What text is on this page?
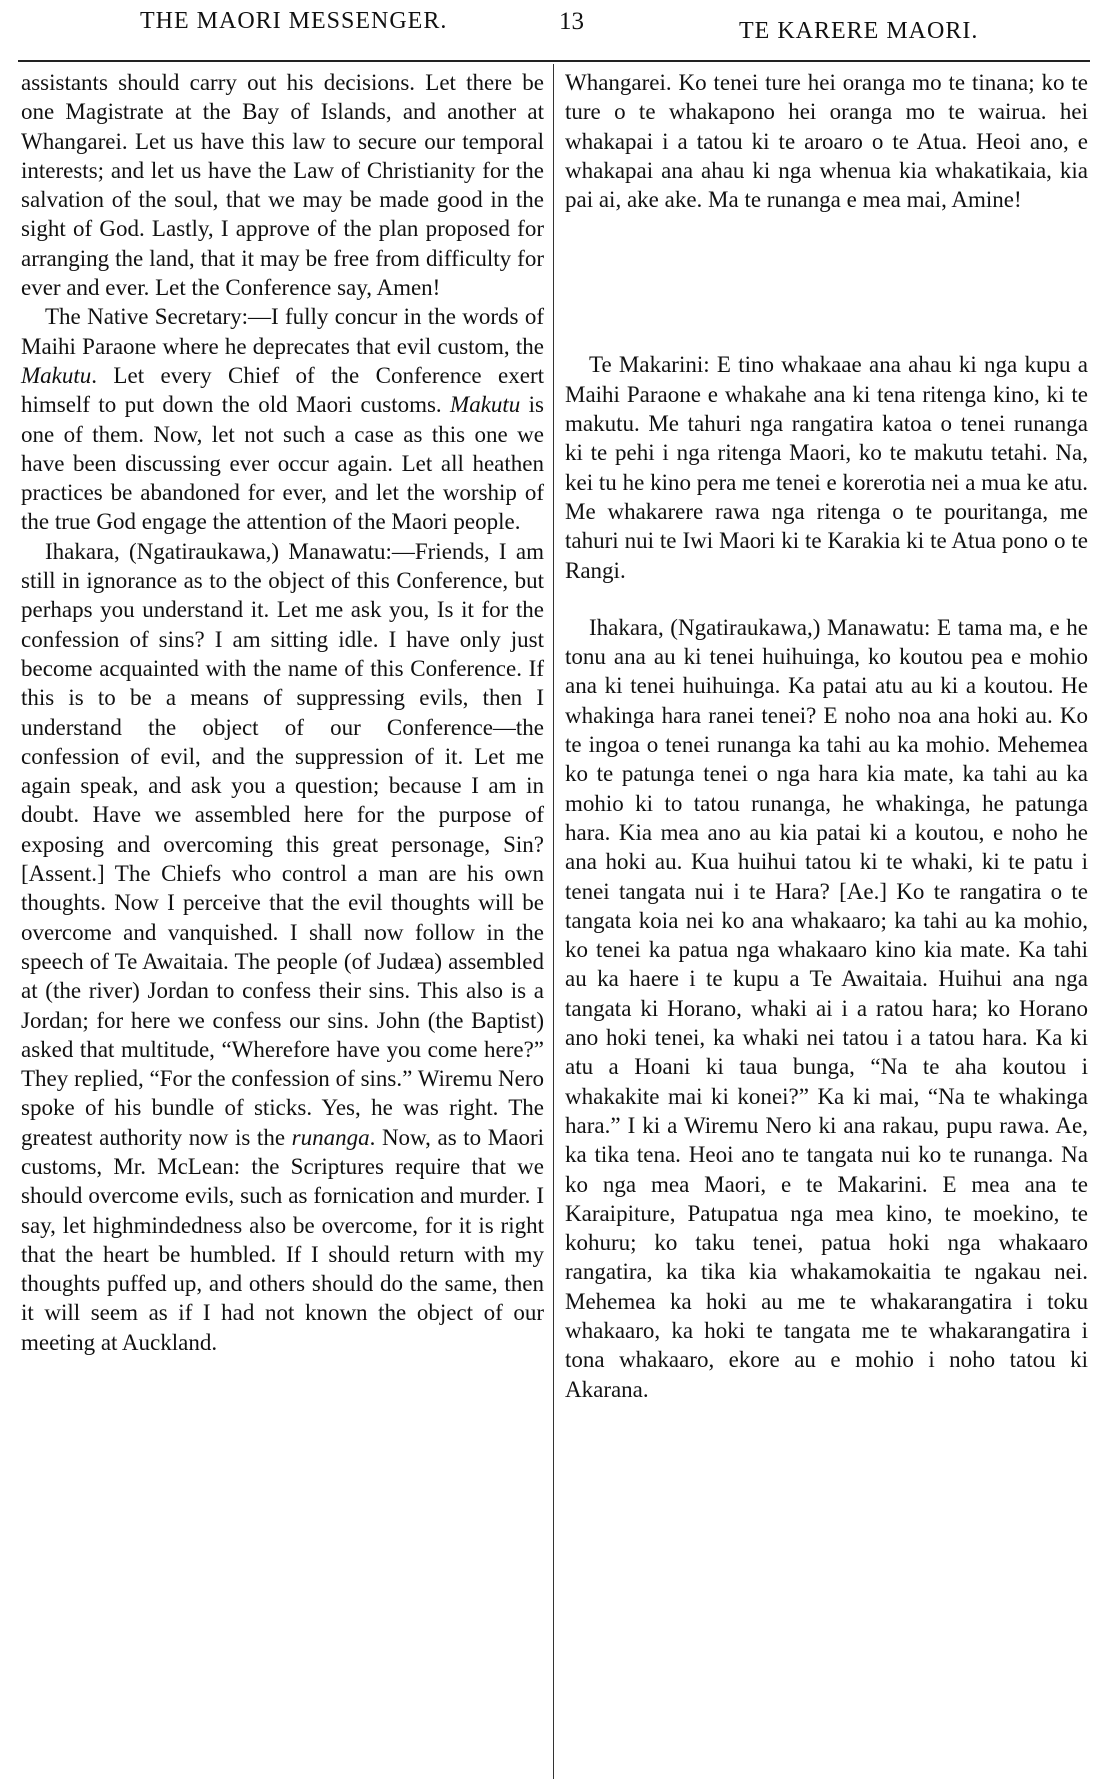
THE MAORI MESSENGER.	13	TE KARERE MAORI.

assistants should carry out his decisions. Let there be one Magistrate at the Bay of Islands, and another at Whangarei. Let us have this law to secure our temporal interests; and let us have the Law of Christianity for the salvation of the soul, that we may be made good in the sight of God. Lastly, I approve of the plan proposed for arranging the land, that it may be free from difficulty for ever and ever. Let the Conference say, Amen!

The Native Secretary:—I fully concur in the words of Maihi Paraone where he deprecates that evil custom, the Makutu. Let every Chief of the Conference exert himself to put down the old Maori customs. Makutu is one of them. Now, let not such a case as this one we have been discussing ever occur again. Let all heathen practices be abandoned for ever, and let the worship of the true God engage the attention of the Maori people.

Ihakara, (Ngatiraukawa,) Manawatu:—Friends, I am still in ignorance as to the object of this Conference, but perhaps you understand it. Let me ask you, Is it for the confession of sins? I am sitting idle. I have only just become acquainted with the name of this Conference. If this is to be a means of suppressing evils, then I understand the object of our Conference—the confession of evil, and the suppression of it. Let me again speak, and ask you a question; because I am in doubt. Have we assembled here for the purpose of exposing and overcoming this great personage, Sin? [Assent.] The Chiefs who control a man are his own thoughts. Now I perceive that the evil thoughts will be overcome and vanquished. I shall now follow in the speech of Te Awaitaia. The people (of Judæa) assembled at (the river) Jordan to confess their sins. This also is a Jordan; for here we confess our sins. John (the Baptist) asked that multitude, “Wherefore have you come here?” They replied, “For the confession of sins.” Wiremu Nero spoke of his bundle of sticks. Yes, he was right. The greatest authority now is the runanga. Now, as to Maori customs, Mr. McLean: the Scriptures require that we should overcome evils, such as fornication and murder. I say, let highmindedness also be overcome, for it is right that the heart be humbled. If I should return with my thoughts puffed up, and others should do the same, then it will seem as if I had not known the object of our meeting at Auckland.

Whangarei. Ko tenei ture hei oranga mo te tinana; ko te ture o te whakapono hei oranga mo te wairua. hei whakapai i a tatou ki te aroaro o te Atua. Heoi ano, e whakapai ana ahau ki nga whenua kia whakatikaia, kia pai ai, ake ake. Ma te runanga e mea mai, Amine!

Te Makarini: E tino whakaae ana ahau ki nga kupu a Maihi Paraone e whakahe ana ki tena ritenga kino, ki te makutu. Me tahuri nga rangatira katoa o tenei runanga ki te pehi i nga ritenga Maori, ko te makutu tetahi. Na, kei tu he kino pera me tenei e korerotia nei a mua ke atu. Me whakarere rawa nga ritenga o te pouritanga, me tahuri nui te Iwi Maori ki te Karakia ki te Atua pono o te Rangi.

Ihakara, (Ngatiraukawa,) Manawatu: E tama ma, e he tonu ana au ki tenei huihuinga, ko koutou pea e mohio ana ki tenei huihuinga. Ka patai atu au ki a koutou. He whakinga hara ranei tenei? E noho noa ana hoki au. Ko te ingoa o tenei runanga ka tahi au ka mohio. Mehemea ko te patunga tenei o nga hara kia mate, ka tahi au ka mohio ki to tatou runanga, he whakinga, he patunga hara. Kia mea ano au kia patai ki a koutou, e noho he ana hoki au. Kua huihui tatou ki te whaki, ki te patu i tenei tangata nui i te Hara? [Ae.] Ko te rangatira o te tangata koia nei ko ana whakaaro; ka tahi au ka mohio, ko tenei ka patua nga whakaaro kino kia mate. Ka tahi au ka haere i te kupu a Te Awaitaia. Huihui ana nga tangata ki Horano, whaki ai i a ratou hara; ko Horano ano hoki tenei, ka whaki nei tatou i a tatou hara. Ka ki atu a Hoani ki taua bunga, “Na te aha koutou i whakakite mai ki konei?” Ka ki mai, “Na te whakinga hara.” I ki a Wiremu Nero ki ana rakau, pupu rawa. Ae, ka tika tena. Heoi ano te tangata nui ko te runanga. Na ko nga mea Maori, e te Makarini. E mea ana te Karaipiture, Patupatua nga mea kino, te moekino, te kohuru; ko taku tenei, patua hoki nga whakaaro rangatira, ka tika kia whakamokaitia te ngakau nei. Mehemea ka hoki au me te whakarangatira i toku whakaaro, ka hoki te tangata me te whakarangatira i tona whakaaro, ekore au e mohio i noho tatou ki Akarana.
